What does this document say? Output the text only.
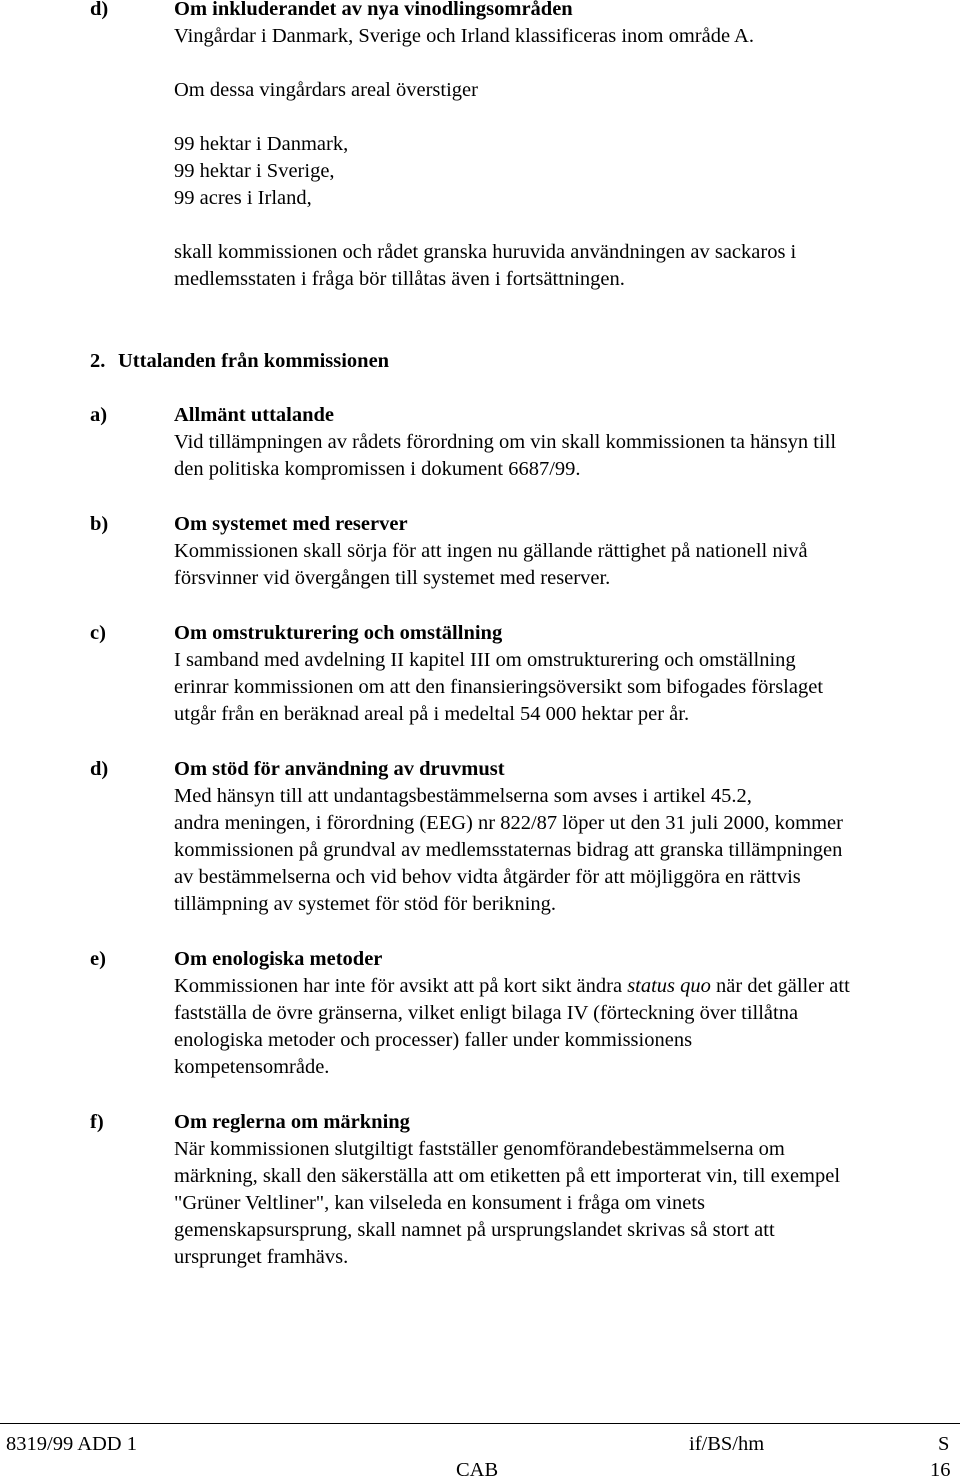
d)	Om inkluderandet av nya vinodlingsområden
Vingårdar i Danmark, Sverige och Irland klassificeras inom område A.
Om dessa vingårdars areal överstiger
99 hektar i Danmark,
99 hektar i Sverige,
99 acres i Irland,
skall kommissionen och rådet granska huruvida användningen av sackaros i
medlemsstaten i fråga bör tillåtas även i fortsättningen.
2. Uttalanden från kommissionen
a)	Allmänt uttalande
Vid tillämpningen av rådets förordning om vin skall kommissionen ta hänsyn till
den politiska kompromissen i dokument 6687/99.
b)	Om systemet med reserver
Kommissionen skall sörja för att ingen nu gällande rättighet på nationell nivå
försvinner vid övergången till systemet med reserver.
c)	Om omstrukturering och omställning
I samband med avdelning II kapitel III om omstrukturering och omställning
erinrar kommissionen om att den finansieringsöversikt som bifogades förslaget
utgår från en beräknad areal på i medeltal 54 000 hektar per år.
d)	Om stöd för användning av druvmust
Med hänsyn till att undantagsbestämmelserna som avses i artikel 45.2,
andra meningen, i förordning (EEG) nr 822/87 löper ut den 31 juli 2000, kommer
kommissionen på grundval av medlemsstaternas bidrag att granska tillämpningen
av bestämmelserna och vid behov vidta åtgärder för att möjliggöra en rättvis
tillämpning av systemet för stöd för berikning.
e)	Om enologiska metoder
Kommissionen har inte för avsikt att på kort sikt ändra status quo när det gäller att
fastställa de övre gränserna, vilket enligt bilaga IV (förteckning över tillåtna
enologiska metoder och processer) faller under kommissionens
kompetensområde.
f)	Om reglerna om märkning
När kommissionen slutgiltigt fastställer genomförandebestämmelserna om
märkning, skall den säkerställa att om etiketten på ett importerat vin, till exempel
"Grüner Veltliner", kan vilseleda en konsument i fråga om vinets
gemenskapsursprung, skall namnet på ursprungslandet skrivas så stort att
ursprunget framhävs.
8319/99 ADD 1	if/BS/hm	S
CAB	16
